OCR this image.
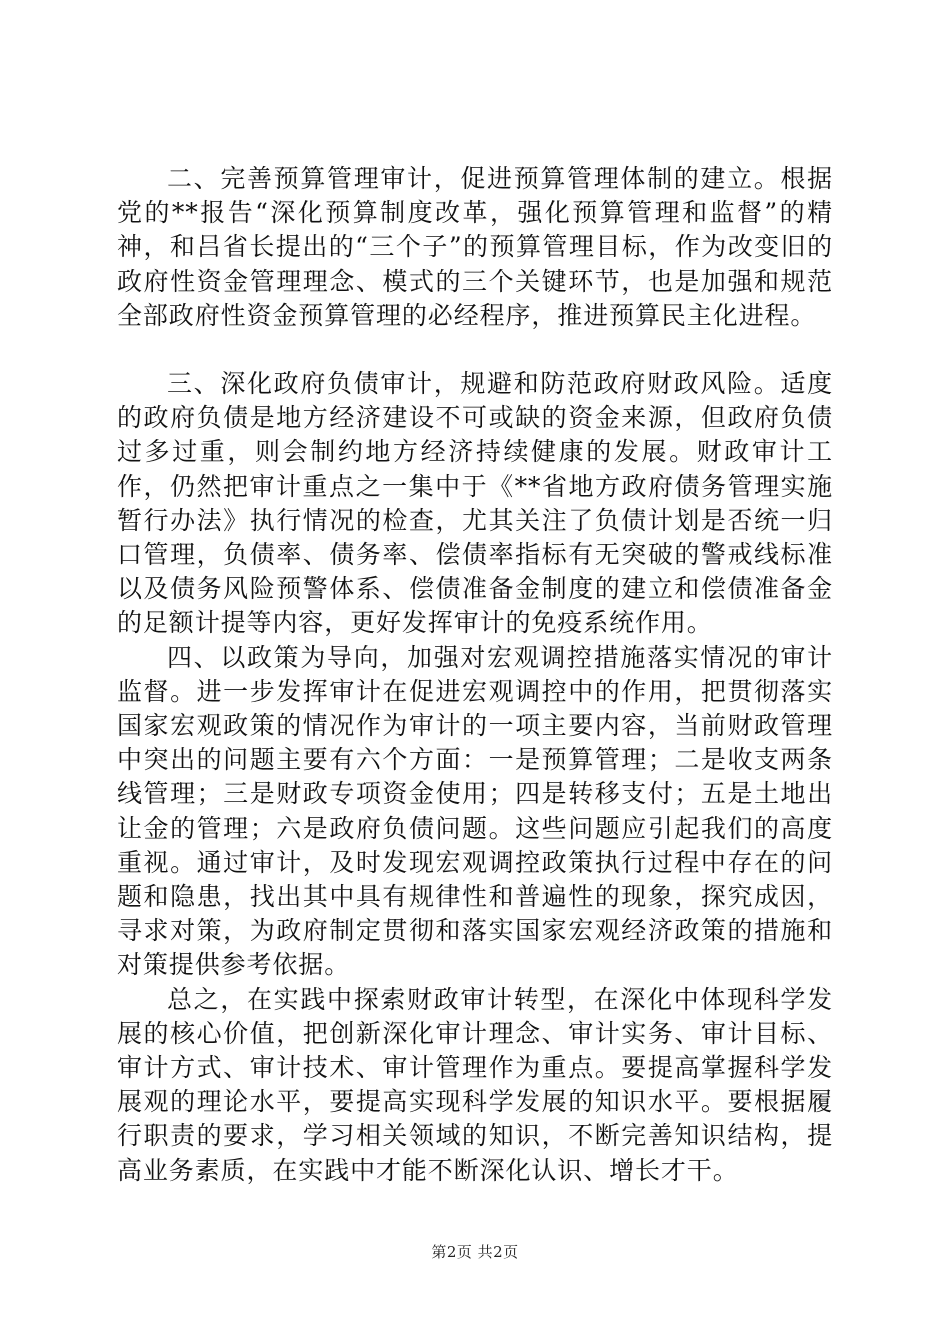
二、完善预算管理审计，促进预算管理体制的建立。根据党的**报告“深化预算制度改革，强化预算管理和监督”的精神，和吕省长提出的“三个子”的预算管理目标，作为改变旧的政府性资金管理理念、模式的三个关键环节，也是加强和规范全部政府性资金预算管理的必经程序，推进预算民主化进程。

三、深化政府负债审计，规避和防范政府财政风险。适度的政府负债是地方经济建设不可或缺的资金来源，但政府负债过多过重，则会制约地方经济持续健康的发展。财政审计工作，仍然把审计重点之一集中于《**省地方政府债务管理实施暂行办法》执行情况的检查，尤其关注了负债计划是否统一归口管理，负债率、债务率、偿债率指标有无突破的警戒线标准以及债务风险预警体系、偿债准备金制度的建立和偿债准备金的足额计提等内容，更好发挥审计的免疫系统作用。

四、以政策为导向，加强对宏观调控措施落实情况的审计监督。进一步发挥审计在促进宏观调控中的作用，把贯彻落实国家宏观政策的情况作为审计的一项主要内容，当前财政管理中突出的问题主要有六个方面：一是预算管理；二是收支两条线管理；三是财政专项资金使用；四是转移支付；五是土地出让金的管理；六是政府负债问题。这些问题应引起我们的高度重视。通过审计，及时发现宏观调控政策执行过程中存在的问题和隐患，找出其中具有规律性和普遍性的现象，探究成因，寻求对策，为政府制定贯彻和落实国家宏观经济政策的措施和对策提供参考依据。

总之，在实践中探索财政审计转型，在深化中体现科学发展的核心价值，把创新深化审计理念、审计实务、审计目标、审计方式、审计技术、审计管理作为重点。要提高掌握科学发展观的理论水平，要提高实现科学发展的知识水平。要根据履行职责的要求，学习相关领域的知识，不断完善知识结构，提高业务素质，在实践中才能不断深化认识、增长才干。

第2页 共2页
